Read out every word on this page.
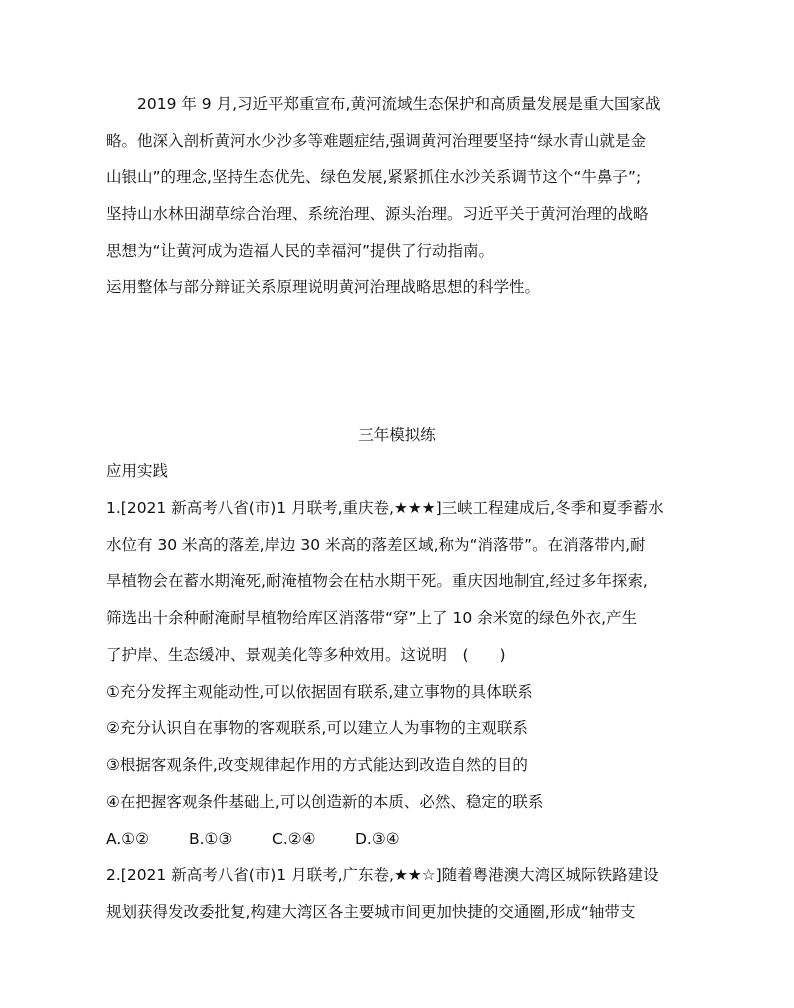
　　2019 年 9 月,习近平郑重宣布,黄河流域生态保护和高质量发展是重大国家战
略。他深入剖析黄河水少沙多等难题症结,强调黄河治理要坚持“绿水青山就是金
山银山”的理念,坚持生态优先、绿色发展,紧紧抓住水沙关系调节这个“牛鼻子”;
坚持山水林田湖草综合治理、系统治理、源头治理。习近平关于黄河治理的战略
思想为“让黄河成为造福人民的幸福河”提供了行动指南。
运用整体与部分辩证关系原理说明黄河治理战略思想的科学性。
三年模拟练
应用实践
1.[2021 新高考八省(市)1 月联考,重庆卷,★★★]三峡工程建成后,冬季和夏季蓄水
水位有 30 米高的落差,岸边 30 米高的落差区域,称为“消落带”。在消落带内,耐
旱植物会在蓄水期淹死,耐淹植物会在枯水期干死。重庆因地制宜,经过多年探索,
筛选出十余种耐淹耐旱植物给库区消落带“穿”上了 10 余米宽的绿色外衣,产生
了护岸、生态缓冲、景观美化等多种效用。这说明　(　　)
①充分发挥主观能动性,可以依据固有联系,建立事物的具体联系
②充分认识自在事物的客观联系,可以建立人为事物的主观联系
③根据客观条件,改变规律起作用的方式能达到改造自然的目的
④在把握客观条件基础上,可以创造新的本质、必然、稳定的联系
A.①②	B.①③	C.②④	D.③④
2.[2021 新高考八省(市)1 月联考,广东卷,★★☆]随着粤港澳大湾区城际铁路建设
规划获得发改委批复,构建大湾区各主要城市间更加快捷的交通圈,形成“轴带支
